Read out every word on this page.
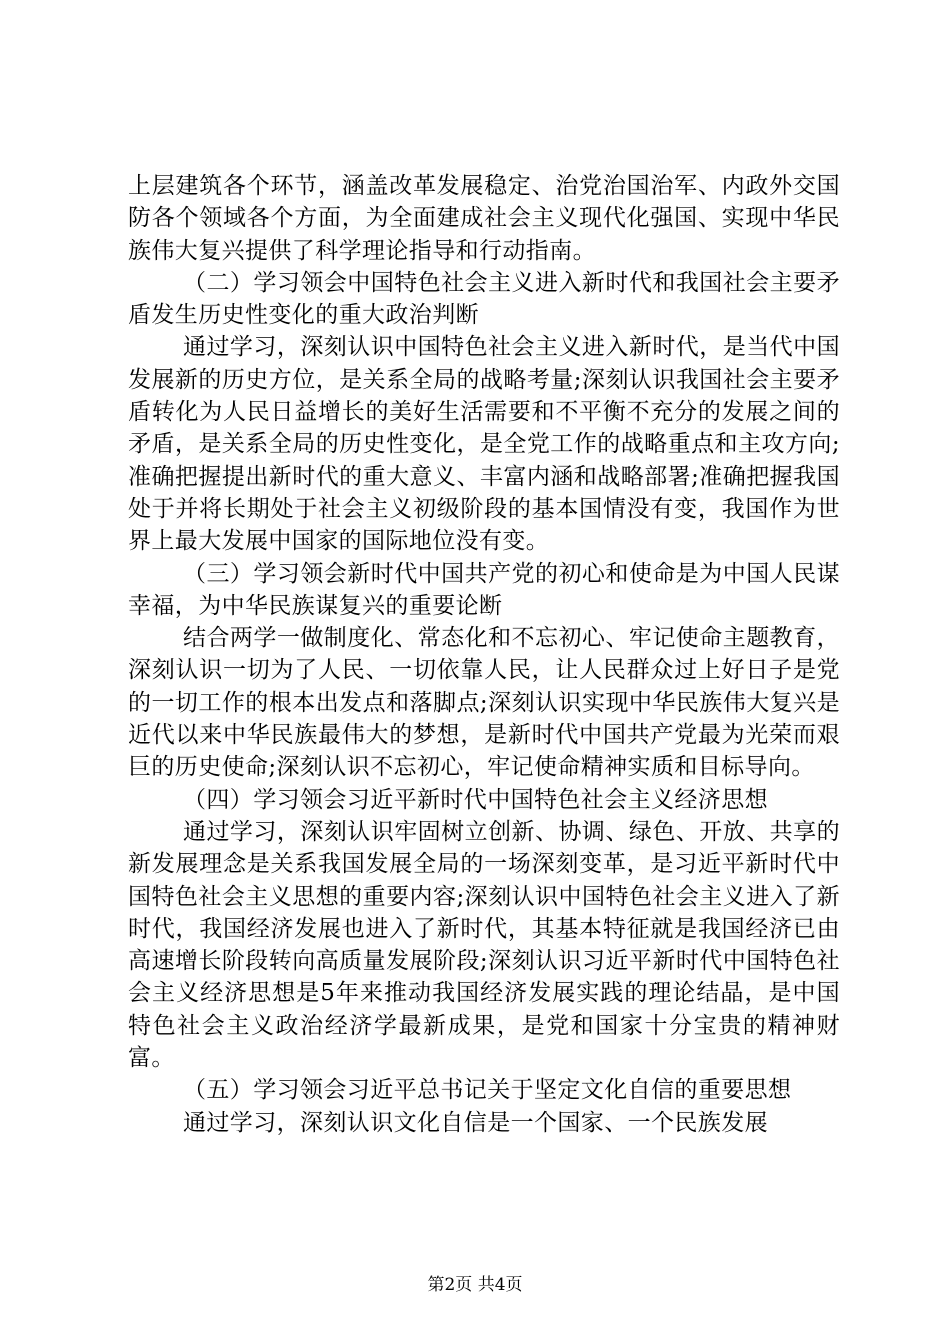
上层建筑各个环节，涵盖改革发展稳定、治党治国治军、内政外交国防各个领域各个方面，为全面建成社会主义现代化强国、实现中华民族伟大复兴提供了科学理论指导和行动指南。

（二）学习领会中国特色社会主义进入新时代和我国社会主要矛盾发生历史性变化的重大政治判断

通过学习，深刻认识中国特色社会主义进入新时代，是当代中国发展新的历史方位，是关系全局的战略考量;深刻认识我国社会主要矛盾转化为人民日益增长的美好生活需要和不平衡不充分的发展之间的矛盾，是关系全局的历史性变化，是全党工作的战略重点和主攻方向;准确把握提出新时代的重大意义、丰富内涵和战略部署;准确把握我国处于并将长期处于社会主义初级阶段的基本国情没有变，我国作为世界上最大发展中国家的国际地位没有变。

（三）学习领会新时代中国共产党的初心和使命是为中国人民谋幸福，为中华民族谋复兴的重要论断

结合两学一做制度化、常态化和不忘初心、牢记使命主题教育，深刻认识一切为了人民、一切依靠人民，让人民群众过上好日子是党的一切工作的根本出发点和落脚点;深刻认识实现中华民族伟大复兴是近代以来中华民族最伟大的梦想，是新时代中国共产党最为光荣而艰巨的历史使命;深刻认识不忘初心，牢记使命精神实质和目标导向。

（四）学习领会习近平新时代中国特色社会主义经济思想

通过学习，深刻认识牢固树立创新、协调、绿色、开放、共享的新发展理念是关系我国发展全局的一场深刻变革，是习近平新时代中国特色社会主义思想的重要内容;深刻认识中国特色社会主义进入了新时代，我国经济发展也进入了新时代，其基本特征就是我国经济已由高速增长阶段转向高质量发展阶段;深刻认识习近平新时代中国特色社会主义经济思想是5年来推动我国经济发展实践的理论结晶，是中国特色社会主义政治经济学最新成果，是党和国家十分宝贵的精神财富。

（五）学习领会习近平总书记关于坚定文化自信的重要思想

通过学习，深刻认识文化自信是一个国家、一个民族发展

第2页 共4页
